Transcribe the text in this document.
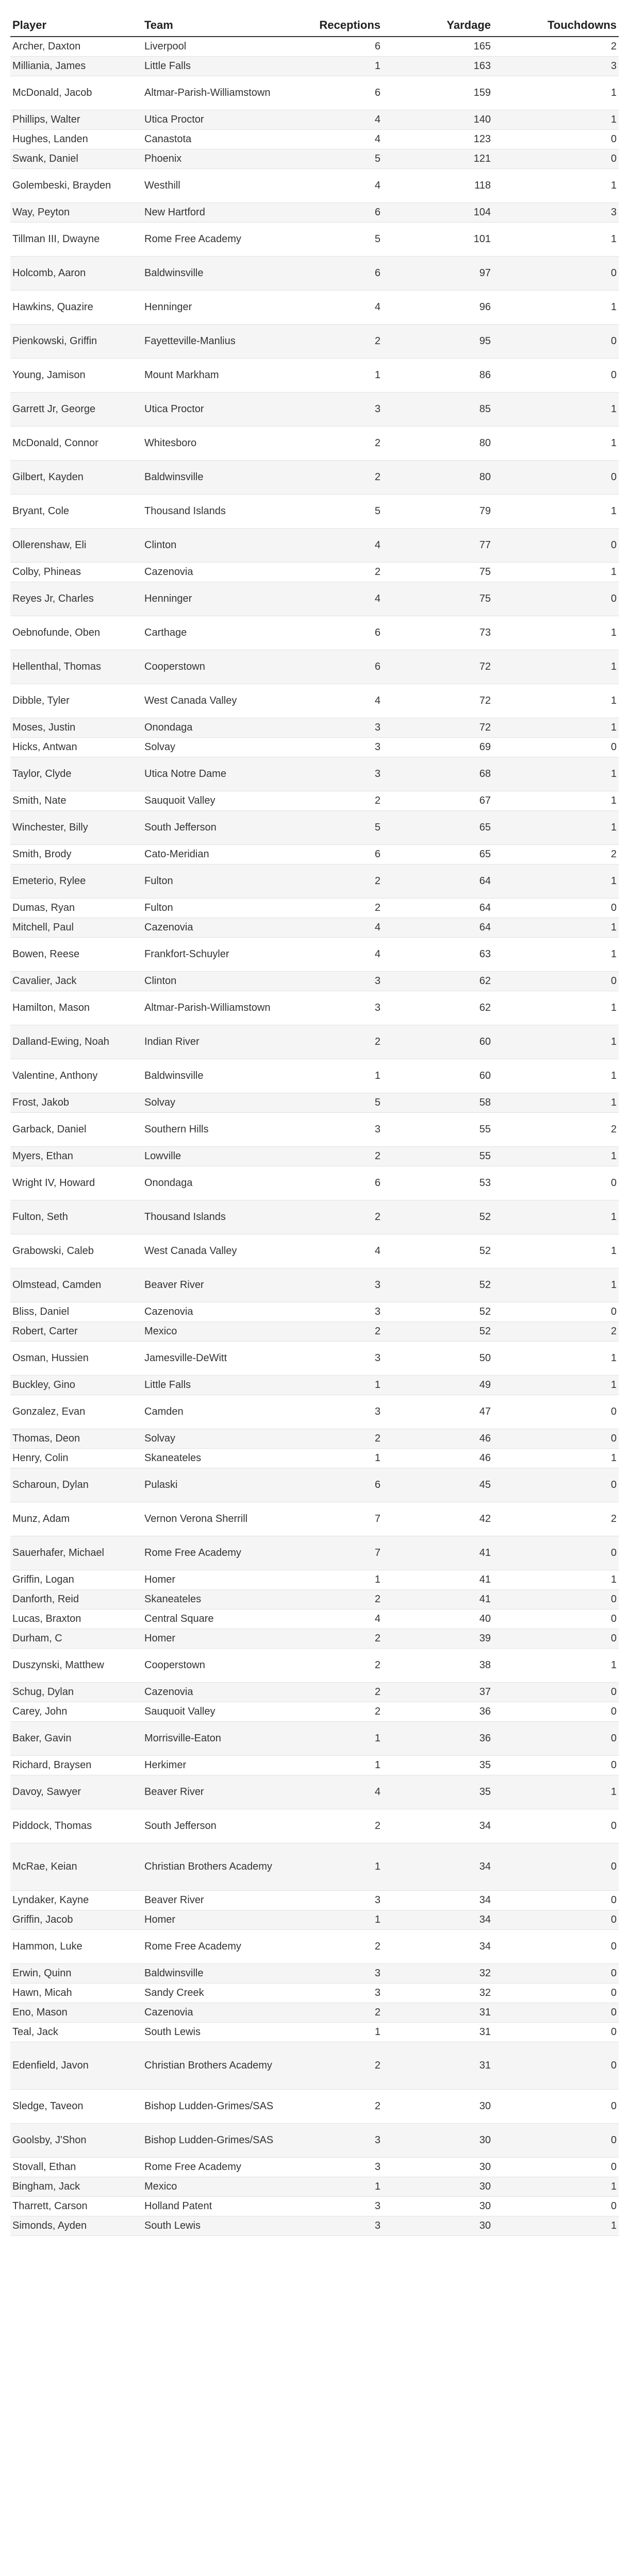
Player	Team	Receptions	Yardage	Touchdowns
Archer, Daxton	Liverpool	6	165	2
Milliania, James	Little Falls	1	163	3
McDonald, Jacob	Altmar-Parish-Williamstown	6	159	1
Phillips, Walter	Utica Proctor	4	140	1
Hughes, Landen	Canastota	4	123	0
Swank, Daniel	Phoenix	5	121	0
Golembeski, Brayden	Westhill	4	118	1
Way, Peyton	New Hartford	6	104	3
Tillman III, Dwayne	Rome Free Academy	5	101	1
Holcomb, Aaron	Baldwinsville	6	97	0
Hawkins, Quazire	Henninger	4	96	1
Pienkowski, Griffin	Fayetteville-Manlius	2	95	0
Young, Jamison	Mount Markham	1	86	0
Garrett Jr, George	Utica Proctor	3	85	1
McDonald, Connor	Whitesboro	2	80	1
Gilbert, Kayden	Baldwinsville	2	80	0
Bryant, Cole	Thousand Islands	5	79	1
Ollerenshaw, Eli	Clinton	4	77	0
Colby, Phineas	Cazenovia	2	75	1
Reyes Jr, Charles	Henninger	4	75	0
Oebnofunde, Oben	Carthage	6	73	1
Hellenthal, Thomas	Cooperstown	6	72	1
Dibble, Tyler	West Canada Valley	4	72	1
Moses, Justin	Onondaga	3	72	1
Hicks, Antwan	Solvay	3	69	0
Taylor, Clyde	Utica Notre Dame	3	68	1
Smith, Nate	Sauquoit Valley	2	67	1
Winchester, Billy	South Jefferson	5	65	1
Smith, Brody	Cato-Meridian	6	65	2
Emeterio, Rylee	Fulton	2	64	1
Dumas, Ryan	Fulton	2	64	0
Mitchell, Paul	Cazenovia	4	64	1
Bowen, Reese	Frankfort-Schuyler	4	63	1
Cavalier, Jack	Clinton	3	62	0
Hamilton, Mason	Altmar-Parish-Williamstown	3	62	1
Dalland-Ewing, Noah	Indian River	2	60	1
Valentine, Anthony	Baldwinsville	1	60	1
Frost, Jakob	Solvay	5	58	1
Garback, Daniel	Southern Hills	3	55	2
Myers, Ethan	Lowville	2	55	1
Wright IV, Howard	Onondaga	6	53	0
Fulton, Seth	Thousand Islands	2	52	1
Grabowski, Caleb	West Canada Valley	4	52	1
Olmstead, Camden	Beaver River	3	52	1
Bliss, Daniel	Cazenovia	3	52	0
Robert, Carter	Mexico	2	52	2
Osman, Hussien	Jamesville-DeWitt	3	50	1
Buckley, Gino	Little Falls	1	49	1
Gonzalez, Evan	Camden	3	47	0
Thomas, Deon	Solvay	2	46	0
Henry, Colin	Skaneateles	1	46	1
Scharoun, Dylan	Pulaski	6	45	0
Munz, Adam	Vernon Verona Sherrill	7	42	2
Sauerhafer, Michael	Rome Free Academy	7	41	0
Griffin, Logan	Homer	1	41	1
Danforth, Reid	Skaneateles	2	41	0
Lucas, Braxton	Central Square	4	40	0
Durham, C	Homer	2	39	0
Duszynski, Matthew	Cooperstown	2	38	1
Schug, Dylan	Cazenovia	2	37	0
Carey, John	Sauquoit Valley	2	36	0
Baker, Gavin	Morrisville-Eaton	1	36	0
Richard, Braysen	Herkimer	1	35	0
Davoy, Sawyer	Beaver River	4	35	1
Piddock, Thomas	South Jefferson	2	34	0
McRae, Keian	Christian Brothers Academy	1	34	0
Lyndaker, Kayne	Beaver River	3	34	0
Griffin, Jacob	Homer	1	34	0
Hammon, Luke	Rome Free Academy	2	34	0
Erwin, Quinn	Baldwinsville	3	32	0
Hawn, Micah	Sandy Creek	3	32	0
Eno, Mason	Cazenovia	2	31	0
Teal, Jack	South Lewis	1	31	0
Edenfield, Javon	Christian Brothers Academy	2	31	0
Sledge, Taveon	Bishop Ludden-Grimes/SAS	2	30	0
Goolsby, J'Shon	Bishop Ludden-Grimes/SAS	3	30	0
Stovall, Ethan	Rome Free Academy	3	30	0
Bingham, Jack	Mexico	1	30	1
Tharrett, Carson	Holland Patent	3	30	0
Simonds, Ayden	South Lewis	3	30	1
